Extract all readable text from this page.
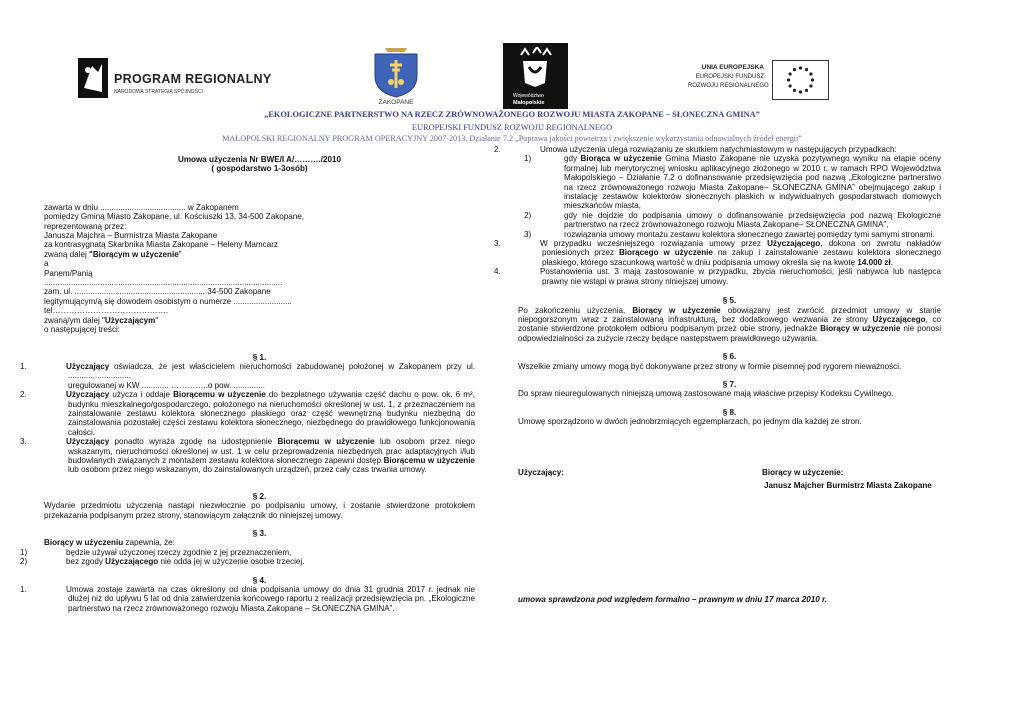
PROGRAM REGIONALNY
NARODOWA STRATEGIA SPÓJNOŚCI
ZAKOPANE
Województwo
Małopolskie
UNIA EUROPEJSKA
EUROPEJSKI FUNDUSZ
ROZWOJU REGIONALNEGO
„EKOLOGICZNE PARTNERSTWO NA RZECZ ZRÓWNOWAŻONEGO ROZWOJU MIASTA ZAKOPANE – SŁONECZNA GMINA”
EUROPEJSKI FUNDUSZ ROZWOJU REGIONALNEGO
MAŁOPOLSKI REGIONALNY PROGRAM OPERACYJNY 2007-2013, Działanie 7.2 „Poprawa jakości powietrza i zwiększenie wykorzystania odnawialnych źródeł energii”

Umowa użyczenia Nr BWE/I A/………./2010

( gospodarstwo 1-3osób)

zawarta w dniu ...................................... w Zakopanem

pomiędzy Gminą Miasto Zakopane, ul. Kościuszki 13, 34-500 Zakopane,

reprezentowaną przez:

Janusza Majchra – Burmistrza Miasta Zakopane

za kontrasygnatą Skarbnika Miasta Zakopane – Heleny Mamcarz

zwaną dalej "Biorącym w użyczenie"

a

Panem/Panią

..........................................................................................................

zam. ul. ........................................................., 34-500 Zakopane

legitymującym/ą się dowodem osobistym o numerze ..........................

tel…………………………………….

zwaną/ym dalej "Użyczającym"

o następującej treści:

§ 1.

1.	Użyczający oświadcza, że jest właścicielem nieruchomości zabudowanej położonej w Zakopanem przy ul. ............................

uregulowanej w KW ............ …………..o pow. ..............

2.	Użyczający użycza i oddaje Biorącemu w użyczenie do bezpłatnego używania część dachu o pow. ok. 6 m², budynku mieszkalnego/gospodarczego, położonego na nieruchomości określonej w ust. 1, z przeznaczeniem na zainstalowanie zestawu kolektora słonecznego płaskiego oraz część wewnętrzną budynku niezbędną do zainstalowania pozostałej części zestawu kolektora słonecznego, niezbędnego do prawidłowego funkcjonowania całości.

3.	Użyczający ponadto wyraża zgodę na udostępnienie Biorącemu w użyczenie lub osobom przez niego wskazanym, nieruchomości określonej w ust. 1 w celu przeprowadzenia niezbędnych prac adaptacyjnych i/lub budowlanych związanych z montażem zestawu kolektora słonecznego zapewni dostęp Biorącemu w użyczenie lub osobom przez niego wskazanym, do zainstalowanych urządzeń, przez cały czas trwania umowy.

§ 2.

Wydanie przedmiotu użyczenia nastąpi niezwłocznie po podpisaniu umowy, i zostanie stwierdzone protokołem przekazania podpisanym przez strony, stanowiącym załącznik do niniejszej umowy.

§ 3.

Biorący w użyczeniu zapewnia, że:

1)	będzie używał użyczonej rzeczy zgodnie z jej przeznaczeniem,

2)	bez zgody Użyczającego nie odda jej w użyczenie osobie trzeciej.

§ 4.

1.	Umowa zostaje zawarta na czas określony od dnia podpisania umowy do dnia 31 grudnia 2017 r. jednak nie dłużej niż do upływu 5 lat od dnia zatwierdzenia końcowego raportu z realizacji przedsięwzięcia pn. „Ekologiczne partnerstwo na rzecz zrównoważonego rozwoju Miasta Zakopane – SŁONECZNA GMINA”.

2.	Umowa użyczenia ulega rozwiązaniu ze skutkiem natychmiastowym w następujących przypadkach:

1)	gdy Biorąca w użyczenie Gmina Miasto Zakopane nie uzyska pozytywnego wyniku na etapie oceny formalnej lub merytorycznej wniosku aplikacyjnego złożonego w 2010 r. w ramach RPO Województwa Małopolskiego – Działanie 7.2 o dofinansowanie przedsięwzięcia pod nazwą „Ekologiczne partnerstwo na rzecz zrównoważonego rozwoju Miasta Zakopane– SŁONECZNA GMINA” obejmującego zakup i instalację zestawów kolektorów słonecznych płaskich w indywidualnych gospodarstwach domowych mieszkańców miasta,

2)	gdy nie dojdzie do podpisania umowy o dofinansowanie przedsięwzięcia pod nazwą Ekologiczne partnerstwo na rzecz zrównoważonego rozwoju Miasta Zakopane– SŁONECZNA GMINA”,

3)	rozwiązania umowy montażu zestawu kolektora słonecznego zawartej pomiędzy tymi samymi stronami.

3.	W przypadku wcześniejszego rozwiązania umowy przez Użyczającego, dokona on zwrotu nakładów poniesionych przez Biorącego w użyczenie na zakup i zainstalowanie zestawu kolektora słonecznego płaskiego, którego szacunkową wartość w dniu podpisania umowy określa się na kwotę 14.000 zł.

4.	Postanowienia ust. 3 mają zastosowanie w przypadku, zbycia nieruchomości, jeśli nabywca lub następca prawny nie wstąpi w prawa strony niniejszej umowy.

§ 5.

Po zakończeniu użyczenia, Biorący w użyczenie obowiązany jest zwrócić przedmiot umowy w stanie niepogorszonym wraz z zainstalowaną infrastrukturą, bez dodatkowego wezwania ze strony Użyczającego, co zostanie stwierdzone protokołem odbioru podpisanym przez obie strony, jednakże Biorący w użyczenie nie ponosi odpowiedzialności za zużycie rzeczy będące następstwem prawidłowego używania.

§ 6.

Wszelkie zmiany umowy mogą być dokonywane przez strony w formie pisemnej pod rygorem nieważności.

§ 7.

Do spraw nieuregulowanych niniejszą umową zastosowane mają właściwe przepisy Kodeksu Cywilnego.

§ 8.

Umowę sporządzono w dwóch jednobrzmiących egzemplarzach, po jednym dla każdej ze stron.

Użyczający:	Biorący w użyczenie:
Janusz Majcher Burmistrz Miasta Zakopane
umowa sprawdzona pod względem formalno – prawnym w dniu 17 marca 2010 r.
